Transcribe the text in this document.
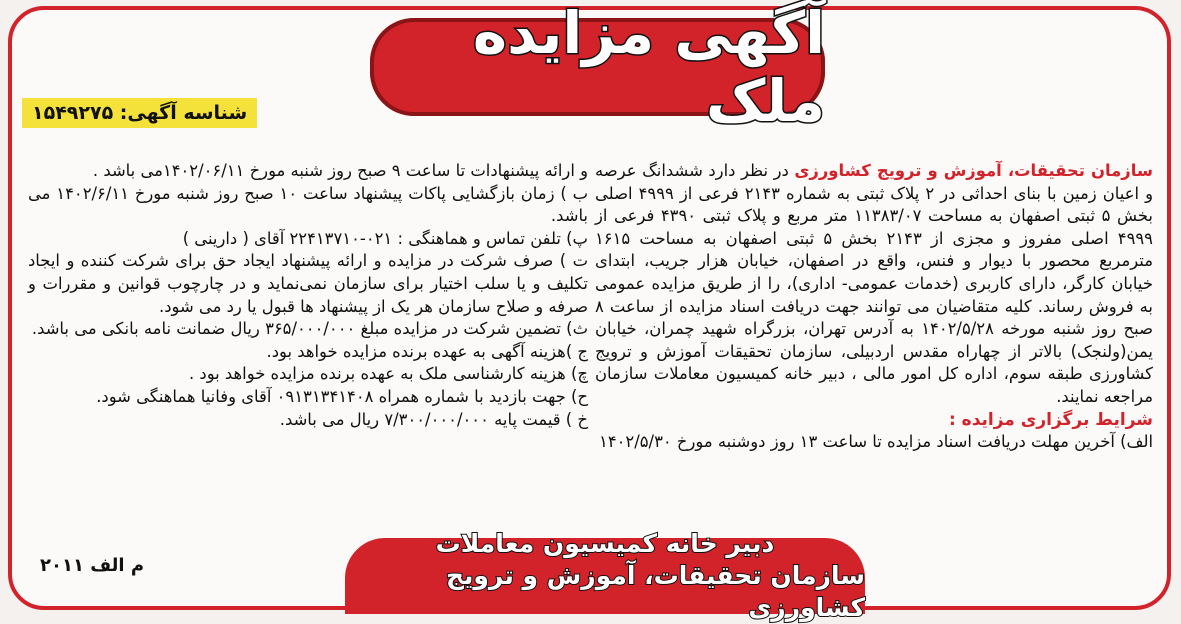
آگهی مزایده ملک
شناسه آگهی: ۱۵۴۹۲۷۵

سازمان تحقیقات، آموزش و ترویج کشاورزی در نظر دارد ششدانگ عرصه و اعیان زمین با بنای احداثی در ۲ پلاک ثبتی به شماره ۲۱۴۳ فرعی از ۴۹۹۹ اصلی بخش ۵ ثبتی اصفهان به مساحت ۱۱۳۸۳/۰۷ متر مربع و پلاک ثبتی ۴۳۹۰ فرعی از ۴۹۹۹ اصلی مفروز و مجزی از ۲۱۴۳ بخش ۵ ثبتی اصفهان به مساحت ۱۶۱۵ مترمربع محصور با دیوار و فنس، واقع در اصفهان، خیابان هزار جریب، ابتدای خیابان کارگر، دارای کاربری (خدمات عمومی- اداری)، را از طریق مزایده عمومی به فروش رساند. کلیه متقاضیان می توانند جهت دریافت اسناد مزایده از ساعت ۸ صبح روز شنبه مورخه ۱۴۰۲/۵/۲۸ به آدرس تهران، بزرگراه شهید چمران، خیابان یمن(ولنجک) بالاتر از چهاراه مقدس اردبیلی، سازمان تحقیقات آموزش و ترویج کشاورزی طبقه سوم، اداره کل امور مالی ، دبیر خانه کمیسیون معاملات سازمان مراجعه نمایند.

شرایط برگزاری مزایده :

الف) آخرین مهلت دریافت اسناد مزایده تا ساعت ۱۳ روز دوشنبه مورخ ۱۴۰۲/۵/۳۰

و ارائه پیشنهادات تا ساعت ۹ صبح روز شنبه مورخ ۱۴۰۲/۰۶/۱۱می باشد .

ب ) زمان بازگشایی پاکات پیشنهاد ساعت ۱۰ صبح روز شنبه مورخ ۱۴۰۲/۶/۱۱ می باشد.

پ) تلفن تماس و هماهنگی : ۰۲۱-۲۲۴۱۳۷۱۰ آقای ( دارینی )

ت ) صرف شرکت در مزایده و ارائه پیشنهاد ایجاد حق برای شرکت کننده و ایجاد تکلیف و یا سلب اختیار برای سازمان نمی‌نماید و در چارچوب قوانین و مقررات و صرفه و صلاح سازمان هر یک از پیشنهاد ها قبول یا رد می شود.

ث) تضمین شرکت در مزایده مبلغ ۳۶۵/۰۰۰/۰۰۰ ریال ضمانت نامه بانکی می باشد.

ج )هزینه آگهی به عهده برنده مزایده خواهد بود.

چ) هزینه کارشناسی ملک به عهده برنده مزایده خواهد بود .

ح) جهت بازدید با شماره همراه ۰۹۱۳۱۳۴۱۴۰۸ آقای وفانیا هماهنگی شود.

خ ) قیمت پایه ۷/۳۰۰/۰۰۰/۰۰۰ ریال می باشد.

دبیر خانه کمیسیون معاملات
سازمان تحقیقات، آموزش و ترویج کشاورزی
م الف ۲۰۱۱
